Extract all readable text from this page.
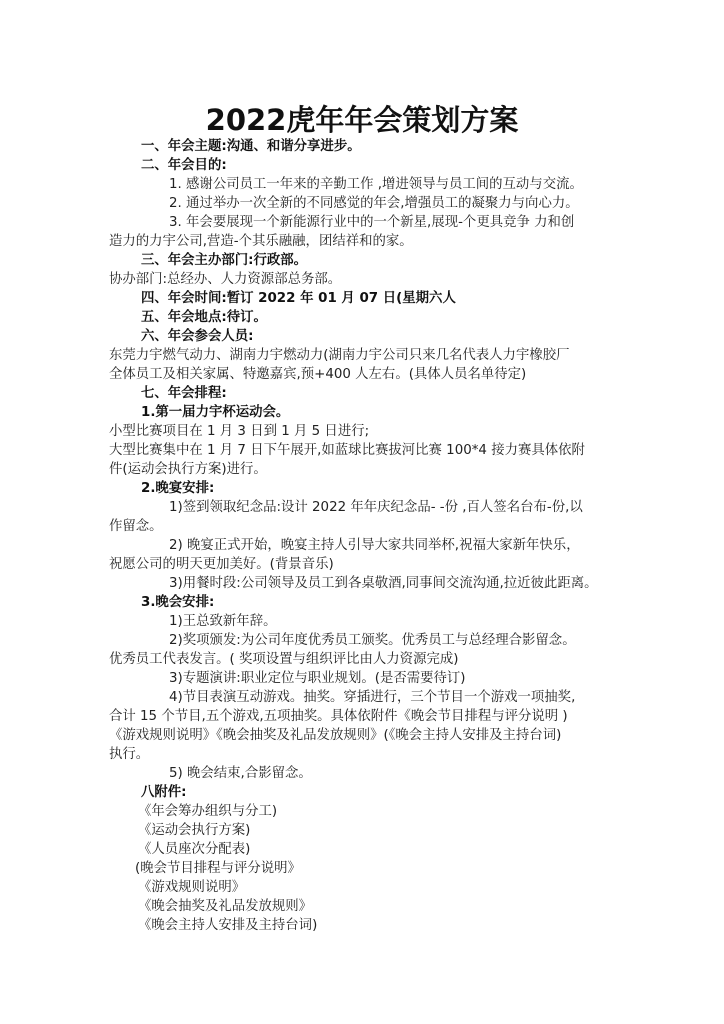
2022虎年年会策划方案
一、年会主题:沟通、和谐分享进步。
二、年会目的:
1. 感谢公司员工一年来的辛勤工作 ,增进领导与员工间的互动与交流。
2. 通过举办一次全新的不同感觉的年会,增强员工的凝聚力与向心力。
3. 年会要展现一个新能源行业中的一个新星,展现-个更具竞争 力和创
造力的力宇公司,营造-个其乐融融，团结祥和的家。
三、年会主办部门:行政部。
协办部门:总经办、人力资源部总务部。
四、年会时间:暂订 2022 年 01 月 07 日(星期六人
五、年会地点:待订。
六、年会参会人员:
东莞力宇燃气动力、湖南力宇燃动力(湖南力宇公司只来几名代表人力宇橡胶厂
全体员工及相关家属、特邀嘉宾,预+400 人左右。(具体人员名单待定)
七、年会排程:
1.第一届力宇杯运动会。
小型比赛项目在 1 月 3 日到 1 月 5 日进行;
大型比赛集中在 1 月 7 日下午展开,如蓝球比赛拔河比赛 100*4 接力赛具体依附
件(运动会执行方案)进行。
2.晚宴安排:
1)签到领取纪念品:设计 2022 年年庆纪念品- -份 ,百人签名台布-份,以
作留念。
2) 晚宴正式开始，晚宴主持人引导大家共同举杯,祝福大家新年快乐，
祝愿公司的明天更加美好。(背景音乐)
3)用餐时段:公司领导及员工到各桌敬酒,同事间交流沟通,拉近彼此距离。
3.晚会安排:
1)王总致新年辞。
2)奖项颁发:为公司年度优秀员工颁奖。优秀员工与总经理合影留念。
优秀员工代表发言。( 奖项设置与组织评比由人力资源完成)
3)专题演讲:职业定位与职业规划。(是否需要待订)
4)节目表演互动游戏。抽奖。穿插进行，三个节目一个游戏一项抽奖,
合计 15 个节目,五个游戏,五项抽奖。具体依附件《晚会节目排程与评分说明 )
《游戏规则说明》《晚会抽奖及礼品发放规则》(《晚会主持人安排及主持台词)
执行。
5) 晚会结束,合影留念。
八附件:
《年会筹办组织与分工)
《运动会执行方案)
《人员座次分配表)
(晚会节目排程与评分说明》
《游戏规则说明》
《晚会抽奖及礼品发放规则》
《晚会主持人安排及主持台词)
